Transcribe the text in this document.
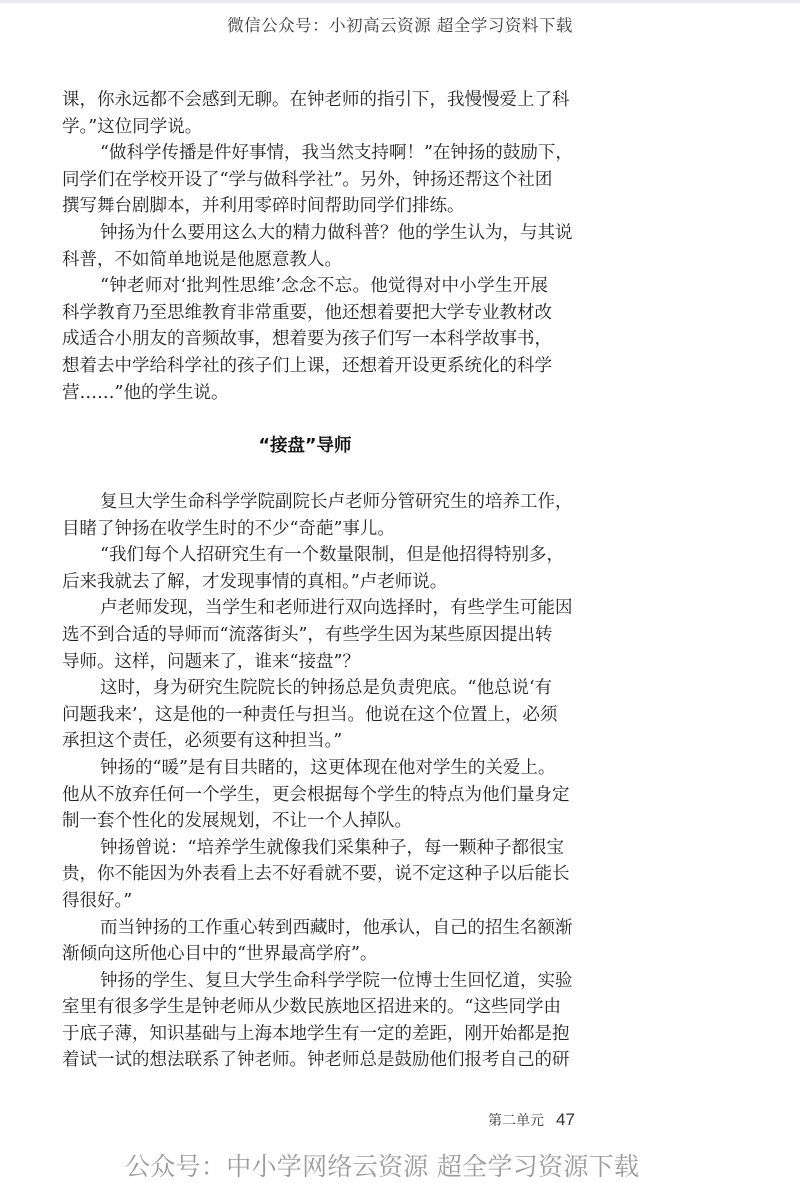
微信公众号：小初高云资源 超全学习资料下载
课，你永远都不会感到无聊。在钟老师的指引下，我慢慢爱上了科
学。”这位同学说。
“做科学传播是件好事情，我当然支持啊！”在钟扬的鼓励下，
同学们在学校开设了“学与做科学社”。另外，钟扬还帮这个社团
撰写舞台剧脚本，并利用零碎时间帮助同学们排练。
钟扬为什么要用这么大的精力做科普？他的学生认为，与其说
科普，不如简单地说是他愿意教人。
“钟老师对‘批判性思维’念念不忘。他觉得对中小学生开展
科学教育乃至思维教育非常重要，他还想着要把大学专业教材改
成适合小朋友的音频故事，想着要为孩子们写一本科学故事书，
想着去中学给科学社的孩子们上课，还想着开设更系统化的科学
营……”他的学生说。
“接盘”导师
复旦大学生命科学学院副院长卢老师分管研究生的培养工作，
目睹了钟扬在收学生时的不少“奇葩”事儿。
“我们每个人招研究生有一个数量限制，但是他招得特别多，
后来我就去了解，才发现事情的真相。”卢老师说。
卢老师发现，当学生和老师进行双向选择时，有些学生可能因
选不到合适的导师而“流落街头”，有些学生因为某些原因提出转
导师。这样，问题来了，谁来“接盘”？
这时，身为研究生院院长的钟扬总是负责兜底。“他总说‘有
问题我来’，这是他的一种责任与担当。他说在这个位置上，必须
承担这个责任，必须要有这种担当。”
钟扬的“暖”是有目共睹的，这更体现在他对学生的关爱上。
他从不放弃任何一个学生，更会根据每个学生的特点为他们量身定
制一套个性化的发展规划，不让一个人掉队。
钟扬曾说：“培养学生就像我们采集种子，每一颗种子都很宝
贵，你不能因为外表看上去不好看就不要，说不定这种子以后能长
得很好。”
而当钟扬的工作重心转到西藏时，他承认，自己的招生名额渐
渐倾向这所他心目中的“世界最高学府”。
钟扬的学生、复旦大学生命科学学院一位博士生回忆道，实验
室里有很多学生是钟老师从少数民族地区招进来的。“这些同学由
于底子薄，知识基础与上海本地学生有一定的差距，刚开始都是抱
着试一试的想法联系了钟老师。钟老师总是鼓励他们报考自己的研
第二单元 47
公众号：中小学网络云资源 超全学习资源下载
